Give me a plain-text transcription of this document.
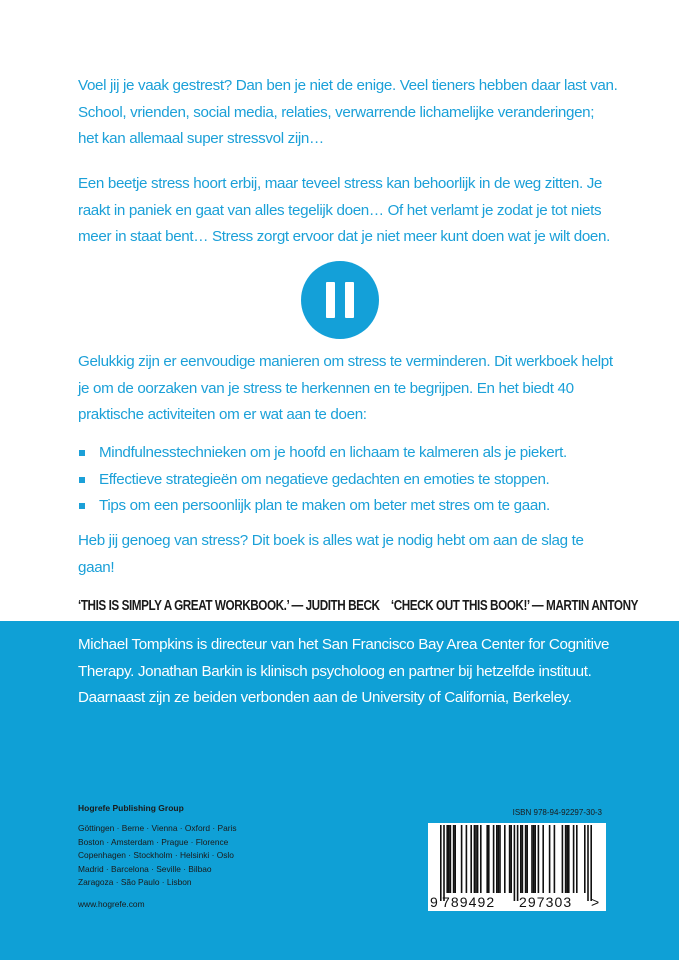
Voel jij je vaak gestrest? Dan ben je niet de enige. Veel tieners hebben daar last van. School, vrienden, social media, relaties, verwarrende lichamelijke veranderingen; het kan allemaal super stressvol zijn…

Een beetje stress hoort erbij, maar teveel stress kan behoorlijk in de weg zitten. Je raakt in paniek en gaat van alles tegelijk doen… Of het verlamt je zodat je tot niets meer in staat bent… Stress zorgt ervoor dat je niet meer kunt doen wat je wilt doen.

Gelukkig zijn er eenvoudige manieren om stress te verminderen. Dit werkboek helpt je om de oorzaken van je stress te herkennen en te begrijpen. En het biedt 40 praktische activiteiten om er wat aan te doen:

Mindfulnesstechnieken om je hoofd en lichaam te kalmeren als je piekert.
Effectieve strategieën om negatieve gedachten en emoties te stoppen.
Tips om een persoonlijk plan te maken om beter met stres om te gaan.

Heb jij genoeg van stress? Dit boek is alles wat je nodig hebt om aan de slag te gaan!

‘THIS IS SIMPLY A GREAT WORKBOOK.’ — JUDITH BECK ‘CHECK OUT THIS BOOK!’ — MARTIN ANTONY

Michael Tompkins is directeur van het San Francisco Bay Area Center for Cognitive Therapy. Jonathan Barkin is klinisch psycholoog en partner bij hetzelfde instituut. Daarnaast zijn ze beiden verbonden aan de University of California, Berkeley.

Hogrefe Publishing Group
Göttingen · Berne · Vienna · Oxford · Paris
Boston · Amsterdam · Prague · Florence
Copenhagen · Stockholm · Helsinki · Oslo
Madrid · Barcelona · Seville · Bilbao
Zaragoza · São Paulo · Lisbon
www.hogrefe.com
ISBN 978-94-92297-30-3
9 789492 297303 >
